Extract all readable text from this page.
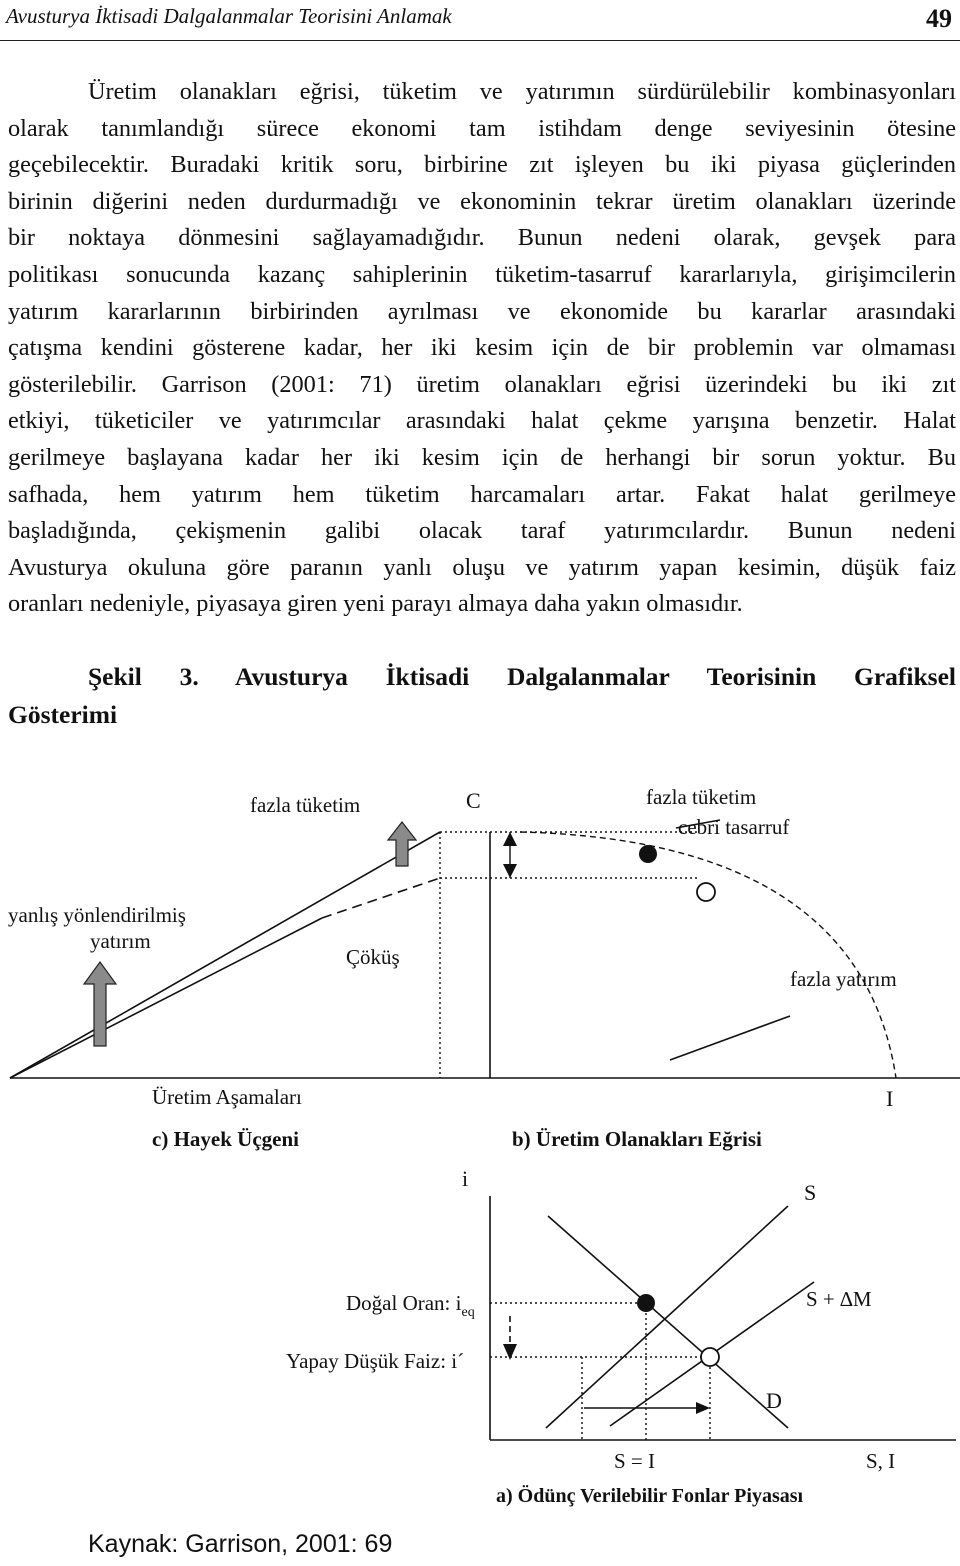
Avusturya İktisadi Dalgalanmalar Teorisini Anlamak	49
Üretim olanakları eğrisi, tüketim ve yatırımın sürdürülebilir kombinasyonları
olarak tanımlandığı sürece ekonomi tam istihdam denge seviyesinin ötesine
geçebilecektir. Buradaki kritik soru, birbirine zıt işleyen bu iki piyasa güçlerinden
birinin diğerini neden durdurmadığı ve ekonominin tekrar üretim olanakları üzerinde
bir noktaya dönmesini sağlayamadığıdır. Bunun nedeni olarak, gevşek para
politikası sonucunda kazanç sahiplerinin tüketim-tasarruf kararlarıyla, girişimcilerin
yatırım kararlarının birbirinden ayrılması ve ekonomide bu kararlar arasındaki
çatışma kendini gösterene kadar, her iki kesim için de bir problemin var olmaması
gösterilebilir. Garrison (2001: 71) üretim olanakları eğrisi üzerindeki bu iki zıt
etkiyi, tüketiciler ve yatırımcılar arasındaki halat çekme yarışına benzetir. Halat
gerilmeye başlayana kadar her iki kesim için de herhangi bir sorun yoktur. Bu
safhada, hem yatırım hem tüketim harcamaları artar. Fakat halat gerilmeye
başladığında, çekişmenin galibi olacak taraf yatırımcılardır. Bunun nedeni
Avusturya okuluna göre paranın yanlı oluşu ve yatırım yapan kesimin, düşük faiz
oranları nedeniyle, piyasaya giren yeni parayı almaya daha yakın olmasıdır.
Şekil 3. Avusturya İktisadi Dalgalanmalar Teorisinin Grafiksel
Gösterimi
fazla tüketim
yanlış yönlendirilmiş
yatırım
Çöküş
Üretim Aşamaları
c) Hayek Üçgeni
C	fazla tüketim
cebri tasarruf
fazla yatırım
I
b) Üretim Olanakları Eğrisi
i
S
Doğal Oran: $i_{eq}$
S + ∆M
Yapay Düşük Faiz: i´
D
S = I	S, I
a) Ödünç Verilebilir Fonlar Piyasası
Kaynak: Garrison, 2001: 69
